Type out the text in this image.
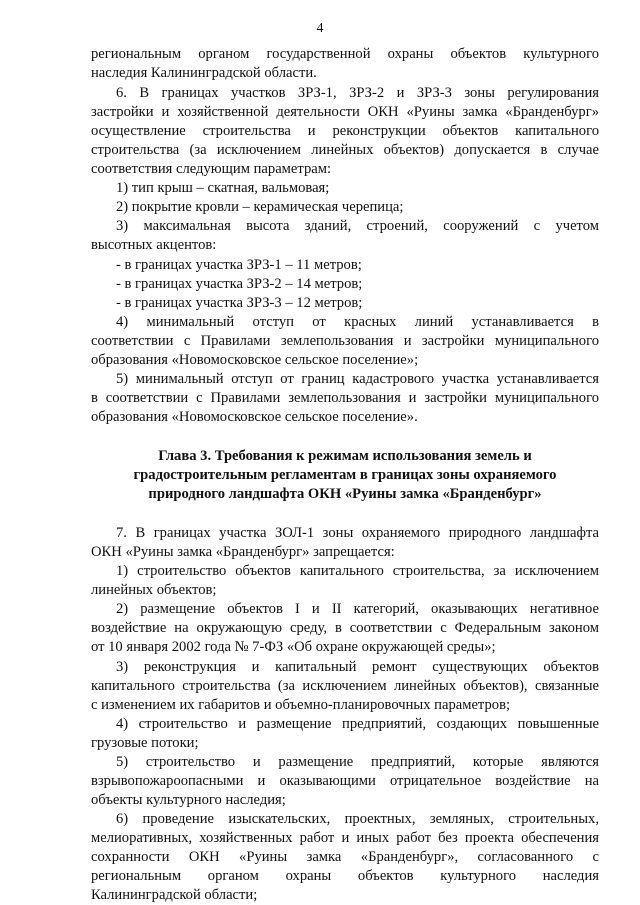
4
региональным органом государственной охраны объектов культурного
наследия Калининградской области.
6. В границах участков ЗРЗ-1, ЗРЗ-2 и ЗРЗ-3 зоны регулирования
застройки и хозяйственной деятельности ОКН «Руины замка «Бранденбург»
осуществление строительства и реконструкции объектов капитального
строительства (за исключением линейных объектов) допускается в случае
соответствия следующим параметрам:
1) тип крыш – скатная, вальмовая;
2) покрытие кровли – керамическая черепица;
3) максимальная высота зданий, строений, сооружений с учетом
высотных акцентов:
- в границах участка ЗРЗ-1 – 11 метров;
- в границах участка ЗРЗ-2 – 14 метров;
- в границах участка ЗРЗ-3 – 12 метров;
4) минимальный отступ от красных линий устанавливается в
соответствии с Правилами землепользования и застройки муниципального
образования «Новомосковское сельское поселение»;
5) минимальный отступ от границ кадастрового участка устанавливается
в соответствии с Правилами землепользования и застройки муниципального
образования «Новомосковское сельское поселение».
Глава 3. Требования к режимам использования земель и
градостроительным регламентам в границах зоны охраняемого
природного ландшафта ОКН «Руины замка «Бранденбург»
7. В границах участка ЗОЛ-1 зоны охраняемого природного ландшафта
ОКН «Руины замка «Бранденбург» запрещается:
1) строительство объектов капитального строительства, за исключением
линейных объектов;
2) размещение объектов I и II категорий, оказывающих негативное
воздействие на окружающую среду, в соответствии с Федеральным законом
от 10 января 2002 года № 7-ФЗ «Об охране окружающей среды»;
3) реконструкция и капитальный ремонт существующих объектов
капитального строительства (за исключением линейных объектов), связанные
с изменением их габаритов и объемно-планировочных параметров;
4) строительство и размещение предприятий, создающих повышенные
грузовые потоки;
5) строительство и размещение предприятий, которые являются
взрывопожароопасными и оказывающими отрицательное воздействие на
объекты культурного наследия;
6) проведение изыскательских, проектных, земляных, строительных,
мелиоративных, хозяйственных работ и иных работ без проекта обеспечения
сохранности ОКН «Руины замка «Бранденбург», согласованного с
региональным органом охраны объектов культурного наследия
Калининградской области;
